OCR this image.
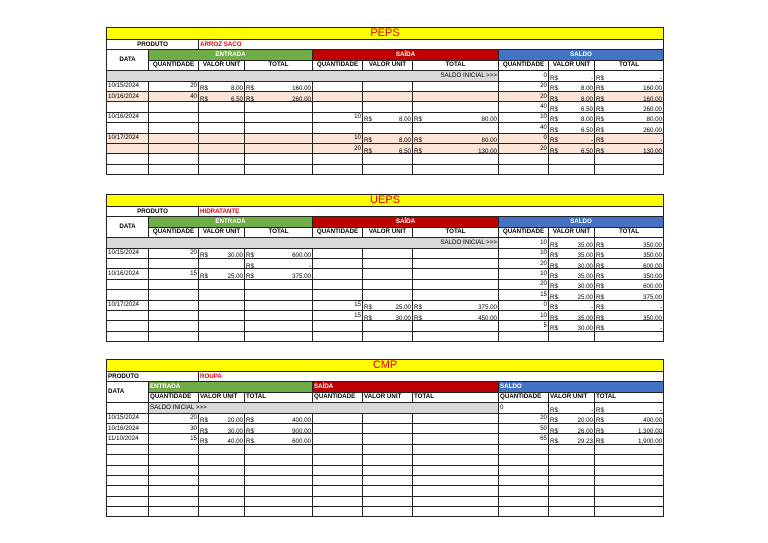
PEPS									
PRODUTO		ARROZ SACO							
DATA	ENTRADA			SAÍDA			SALDO		
	QUANTIDADE	VALOR UNIT	TOTAL	QUANTIDADE	VALOR UNIT	TOTAL	QUANTIDADE	VALOR UNIT	TOTAL
SALDO INICIAL >>>							0	R$ -	R$ -

10/15/2024	20	R$ 8.00	R$ 160.00				20	R$ 8.00	R$ 160.00

10/16/2024	40	R$ 6.50	R$ 260.00				20	R$ 8.00	R$ 160.00

							40	R$ 6.50	R$ 260.00

10/16/2024				10	R$ 8.00	R$ 80.00	10	R$ 8.00	R$ 80.00

							40	R$ 6.50	R$ 260.00

10/17/2024				10	R$ 8.00	R$ 80.00	0	R$ -	R$ -

				20	R$ 6.50	R$ 130.00	20	R$ 6.50	R$ 130.00

UEPS									
PRODUTO		HIDRATANTE							
DATA	ENTRADA			SAÍDA			SALDO		
	QUANTIDADE	VALOR UNIT	TOTAL	QUANTIDADE	VALOR UNIT	TOTAL	QUANTIDADE	VALOR UNIT	TOTAL
SALDO INICIAL >>>							10	R$ 35.00	R$ 350.00

10/15/2024	20	R$ 30.00	R$ 600.00				10	R$ 35.00	R$ 350.00

			R$ -				20	R$ 30.00	R$ 600.00

10/16/2024	15	R$ 25.00	R$ 375.00				10	R$ 35.00	R$ 350.00

							20	R$ 30.00	R$ 600.00

							15	R$ 25.00	R$ 375.00

10/17/2024				15	R$ 25.00	R$ 375.00	0	R$ -	R$ -

				15	R$ 30.00	R$ 450.00	10	R$ 35.00	R$ 350.00

							5	R$ 30.00	R$ -

CMP									
PRODUTO		ROUPA							
DATA	ENTRADA			SAÍDA			SALDO		
	QUANTIDADE	VALOR UNIT	TOTAL	QUANTIDADE	VALOR UNIT	TOTAL	QUANTIDADE	VALOR UNIT	TOTAL
	SALDO INICIAL >>>						0	R$ -	R$ -

10/15/2024	20	R$ 20.00	R$ 400.00				20	R$ 20.00	R$ 400.00

10/16/2024	30	R$ 30.00	R$ 900.00				50	R$ 26.00	R$ 1,300.00

11/10/2024	15	R$ 40.00	R$ 600.00				65	R$ 29.23	R$ 1,900.00
